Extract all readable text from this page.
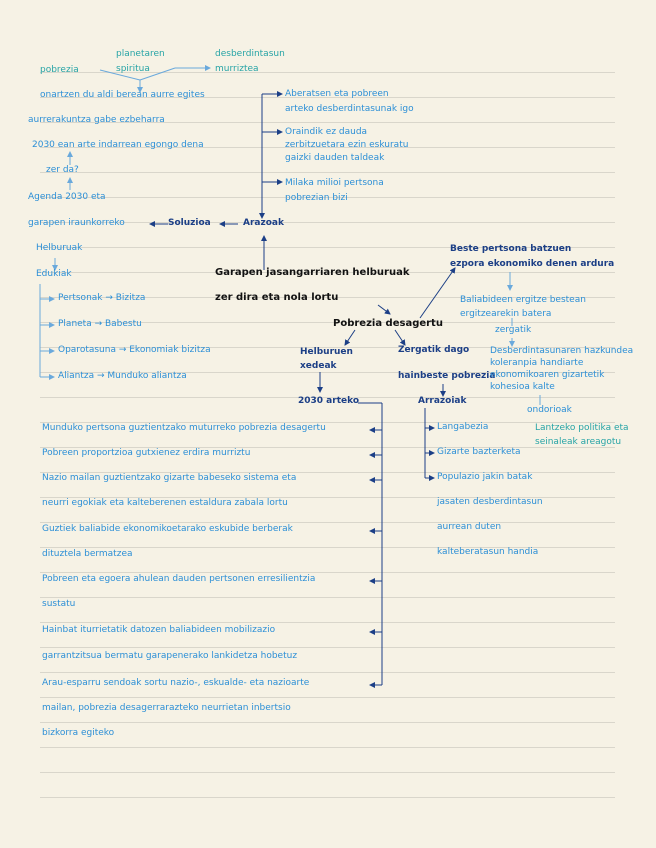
pobrezia
planetaren
spiritua
desberdintasun
murriztea
onartzen du aldi berean aurre egites
aurrerakuntza gabe ezbeharra
2030 ean arte indarrean egongo dena
zer da?
Agenda 2030 eta
garapen iraunkorreko	Soluzioa	Arazoak
Aberatsen eta pobreen
arteko desberdintasunak igo
Oraindik ez dauda
zerbitzuetara ezin eskuratu
gaizki dauden taldeak
Milaka milioi pertsona
pobrezian bizi
Helburuak
Edukiak
Pertsonak → Bizitza
Planeta → Babestu
Oparotasuna → Ekonomiak bizitza
Aliantza → Munduko aliantza
Garapen jasangarriaren helburuak
zer dira eta nola lortu
Pobrezia desagertu
Helburuen
xedeak
Zergatik dago
hainbeste pobrezia
Arrazoiak
2030 arteko
Beste pertsona batzuen
ezpora ekonomiko denen ardura
Baliabideen ergitze bestean
ergitzearekin batera
zergatik
Desberdintasunaren hazkundea
koleranpia handiarte
ekonomikoaren gizartetik
kohesioa kalte
ondorioak
Lantzeko politika eta
seinaleak areagotu
Langabezia
Gizarte bazterketa
Populazio jakin batak
jasaten desberdintasun
aurrean duten
kalteberatasun handia
Munduko pertsona guztientzako muturreko pobrezia desagertu
Pobreen proportzioa gutxienez erdira murriztu
Nazio mailan guztientzako gizarte babeseko sistema eta
neurri egokiak eta kalteberenen estaldura zabala lortu
Guztiek baliabide ekonomikoetarako eskubide berberak
dituztela bermatzea
Pobreen eta egoera ahulean dauden pertsonen erresilientzia
sustatu
Hainbat iturrietatik datozen baliabideen mobilizazio
garrantzitsua bermatu garapenerako lankidetza hobetuz
Arau-esparru sendoak sortu nazio-, eskualde- eta nazioarte
mailan, pobrezia desagerrarazteko neurrietan inbertsio
bizkorra egiteko
